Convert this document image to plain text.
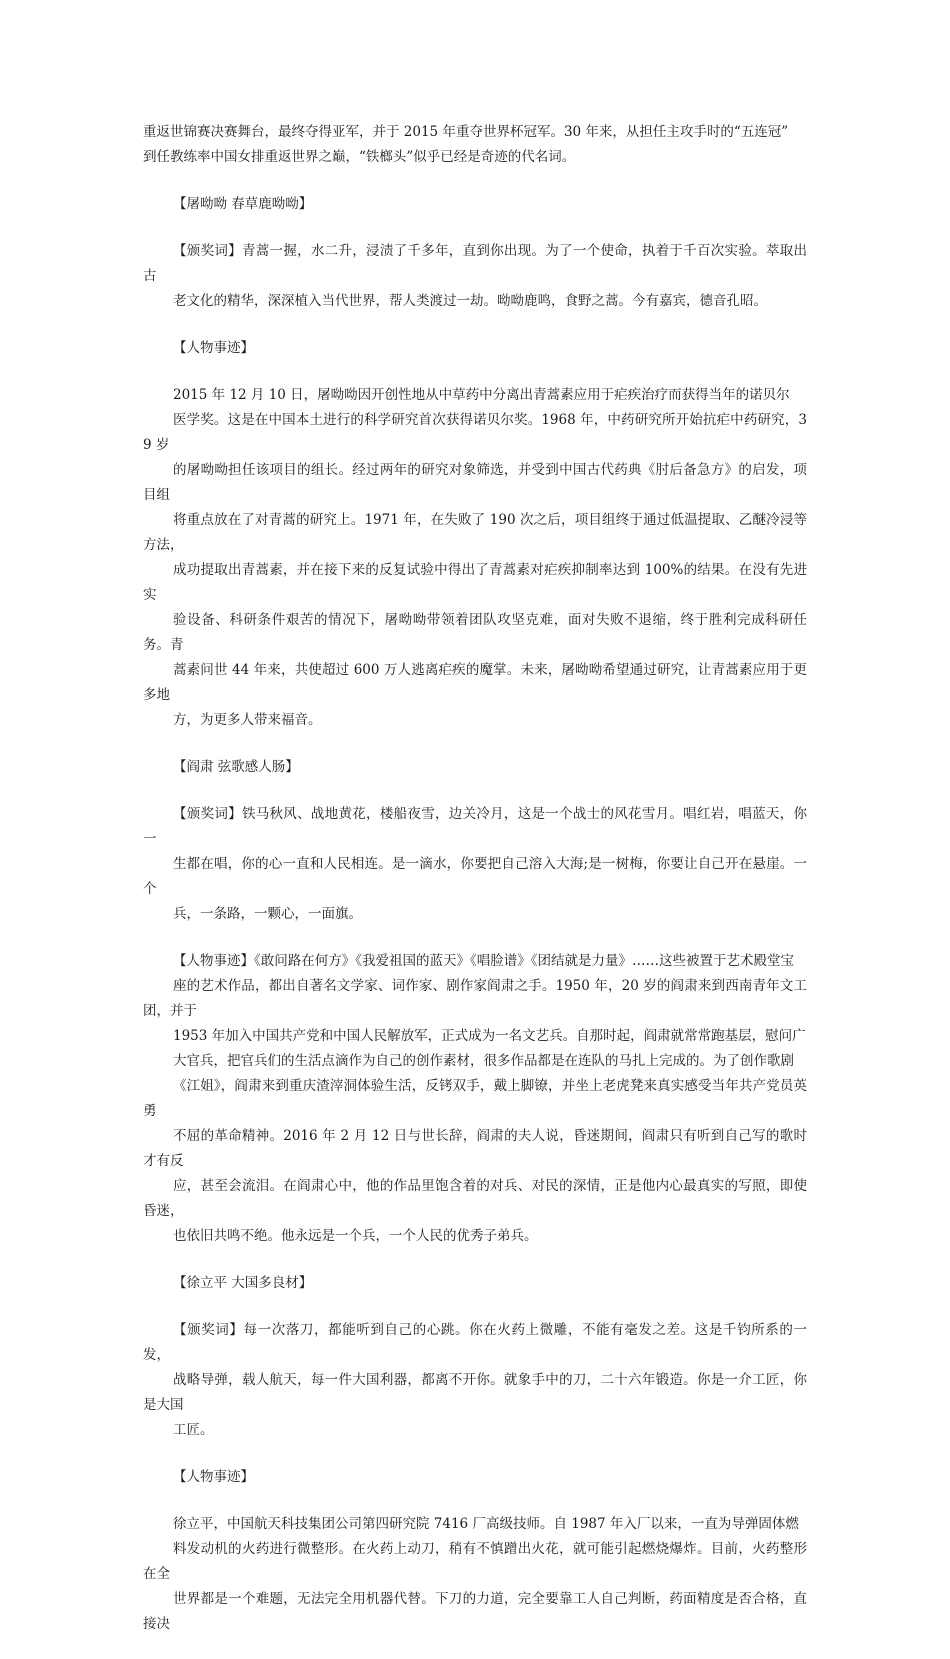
重返世锦赛决赛舞台，最终夺得亚军，并于 2015 年重夺世界杯冠军。30 年来，从担任主攻手时的“五连冠”
到任教练率中国女排重返世界之巅，“铁榔头”似乎已经是奇迹的代名词。

【屠呦呦 春草鹿呦呦】

【颁奖词】青蒿一握，水二升，浸渍了千多年，直到你出现。为了一个使命，执着于千百次实验。萃取出古
老文化的精华，深深植入当代世界，帮人类渡过一劫。呦呦鹿鸣，食野之蒿。今有嘉宾，德音孔昭。

【人物事迹】

2015 年 12 月 10 日，屠呦呦因开创性地从中草药中分离出青蒿素应用于疟疾治疗而获得当年的诺贝尔
医学奖。这是在中国本土进行的科学研究首次获得诺贝尔奖。1968 年，中药研究所开始抗疟中药研究，39 岁
的屠呦呦担任该项目的组长。经过两年的研究对象筛选，并受到中国古代药典《肘后备急方》的启发，项目组
将重点放在了对青蒿的研究上。1971 年，在失败了 190 次之后，项目组终于通过低温提取、乙醚冷浸等方法，
成功提取出青蒿素，并在接下来的反复试验中得出了青蒿素对疟疾抑制率达到 100%的结果。在没有先进实
验设备、科研条件艰苦的情况下，屠呦呦带领着团队攻坚克难，面对失败不退缩，终于胜利完成科研任务。青
蒿素问世 44 年来，共使超过 600 万人逃离疟疾的魔掌。未来，屠呦呦希望通过研究，让青蒿素应用于更多地
方，为更多人带来福音。

【阎肃 弦歌感人肠】

【颁奖词】铁马秋风、战地黄花，楼船夜雪，边关冷月，这是一个战士的风花雪月。唱红岩，唱蓝天，你一
生都在唱，你的心一直和人民相连。是一滴水，你要把自己溶入大海;是一树梅，你要让自己开在悬崖。一个
兵，一条路，一颗心，一面旗。

【人物事迹】《敢问路在何方》《我爱祖国的蓝天》《唱脸谱》《团结就是力量》……这些被置于艺术殿堂宝
座的艺术作品，都出自著名文学家、词作家、剧作家阎肃之手。1950 年，20 岁的阎肃来到西南青年文工团，并于
1953 年加入中国共产党和中国人民解放军，正式成为一名文艺兵。自那时起，阎肃就常常跑基层，慰问广
大官兵，把官兵们的生活点滴作为自己的创作素材，很多作品都是在连队的马扎上完成的。为了创作歌剧
《江姐》，阎肃来到重庆渣滓洞体验生活，反铐双手，戴上脚镣，并坐上老虎凳来真实感受当年共产党员英勇
不屈的革命精神。2016 年 2 月 12 日与世长辞，阎肃的夫人说，昏迷期间，阎肃只有听到自己写的歌时才有反
应，甚至会流泪。在阎肃心中，他的作品里饱含着的对兵、对民的深情，正是他内心最真实的写照，即使昏迷，
也依旧共鸣不绝。他永远是一个兵，一个人民的优秀子弟兵。

【徐立平 大国多良材】

【颁奖词】每一次落刀，都能听到自己的心跳。你在火药上微雕，不能有毫发之差。这是千钧所系的一发，
战略导弹，载人航天，每一件大国利器，都离不开你。就象手中的刀，二十六年锻造。你是一介工匠，你是大国
工匠。

【人物事迹】

徐立平，中国航天科技集团公司第四研究院 7416 厂高级技师。自 1987 年入厂以来，一直为导弹固体燃
料发动机的火药进行微整形。在火药上动刀，稍有不慎蹭出火花，就可能引起燃烧爆炸。目前，火药整形在全
世界都是一个难题，无法完全用机器代替。下刀的力道，完全要靠工人自己判断，药面精度是否合格，直接决
